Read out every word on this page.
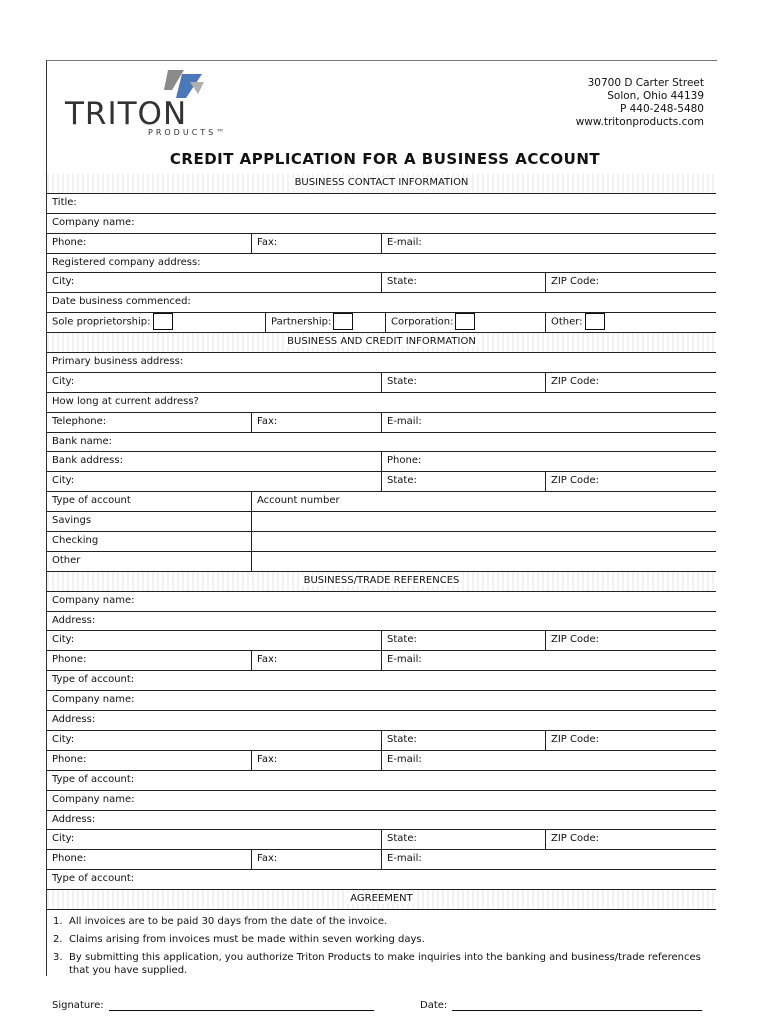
TRITON
PRODUCTS™
30700 D Carter Street
Solon, Ohio 44139
P 440-248-5480
www.tritonproducts.com
CREDIT APPLICATION FOR A BUSINESS ACCOUNT
BUSINESS CONTACT INFORMATION
Title:
Company name:
Phone:	Fax:	E-mail:
Registered company address:
City:	State:	ZIP Code:
Date business commenced:
Sole proprietorship:	Partnership:	Corporation:	Other:
BUSINESS AND CREDIT INFORMATION
Primary business address:
City:	State:	ZIP Code:
How long at current address?
Telephone:	Fax:	E-mail:
Bank name:
Bank address:	Phone:
City:	State:	ZIP Code:
Type of account	Account number
Savings
Checking
Other
BUSINESS/TRADE REFERENCES
Company name:
Address:
City:	State:	ZIP Code:
Phone:	Fax:	E-mail:
Type of account:
Company name:
Address:
City:	State:	ZIP Code:
Phone:	Fax:	E-mail:
Type of account:
Company name:
Address:
City:	State:	ZIP Code:
Phone:	Fax:	E-mail:
Type of account:
AGREEMENT
1. All invoices are to be paid 30 days from the date of the invoice.
2. Claims arising from invoices must be made within seven working days.
3. By submitting this application, you authorize Triton Products to make inquiries into the banking and business/trade references that you have supplied.
Signature:	Date:
